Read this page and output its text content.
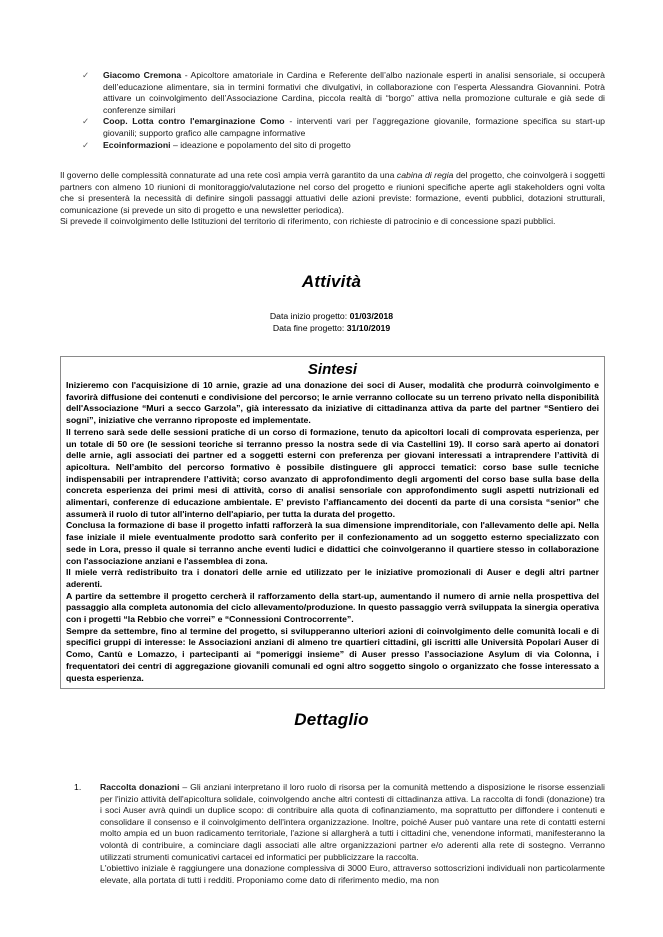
✓ Giacomo Cremona - Apicoltore amatoriale in Cardina e Referente dell’albo nazionale esperti in analisi sensoriale, si occuperà dell’educazione alimentare, sia in termini formativi che divulgativi, in collaborazione con l’esperta Alessandra Giovannini. Potrà attivare un coinvolgimento dell’Associazione Cardina, piccola realtà di “borgo” attiva nella promozione culturale e già sede di conferenze similari
✓ Coop. Lotta contro l'emarginazione Como - interventi vari per l’aggregazione giovanile, formazione specifica su start-up giovanili; supporto grafico alle campagne informative
✓ Ecoinformazioni – ideazione e popolamento del sito di progetto

Il governo delle complessità connaturate ad una rete così ampia verrà garantito da una cabina di regia del progetto, che coinvolgerà i soggetti partners con almeno 10 riunioni di monitoraggio/valutazione nel corso del progetto e riunioni specifiche aperte agli stakeholders ogni volta che si presenterà la necessità di definire singoli passaggi attuativi delle azioni previste: formazione, eventi pubblici, dotazioni strutturali, comunicazione (si prevede un sito di progetto e una newsletter periodica).

Si prevede il coinvolgimento delle Istituzioni del territorio di riferimento, con richieste di patrocinio e di concessione spazi pubblici.

Attività
Data inizio progetto: 01/03/2018
Data fine progetto: 31/10/2019
Sintesi

Inizieremo con l'acquisizione di 10 arnie, grazie ad una donazione dei soci di Auser, modalità che produrrà coinvolgimento e favorirà diffusione dei contenuti e condivisione del percorso; le arnie verranno collocate su un terreno privato nella disponibilità dell'Associazione “Muri a secco Garzola”, già interessato da iniziative di cittadinanza attiva da parte del partner “Sentiero dei sogni”, iniziative che verranno riproposte ed implementate.

Il terreno sarà sede delle sessioni pratiche di un corso di formazione, tenuto da apicoltori locali di comprovata esperienza, per un totale di 50 ore (le sessioni teoriche si terranno presso la nostra sede di via Castellini 19). Il corso sarà aperto ai donatori delle arnie, agli associati dei partner ed a soggetti esterni con preferenza per giovani interessati a intraprendere l’attività di apicoltura. Nell’ambito del percorso formativo è possibile distinguere gli approcci tematici: corso base sulle tecniche indispensabili per intraprendere l’attività; corso avanzato di approfondimento degli argomenti del corso base sulla base della concreta esperienza dei primi mesi di attività, corso di analisi sensoriale con approfondimento sugli aspetti nutrizionali ed alimentari, conferenze di educazione ambientale. E’ previsto l’affiancamento dei docenti da parte di una corsista “senior” che assumerà il ruolo di tutor all'interno dell'apiario, per tutta la durata del progetto.

Conclusa la formazione di base il progetto infatti rafforzerà la sua dimensione imprenditoriale, con l'allevamento delle api. Nella fase iniziale il miele eventualmente prodotto sarà conferito per il confezionamento ad un soggetto esterno specializzato con sede in Lora, presso il quale si terranno anche eventi ludici e didattici che coinvolgeranno il quartiere stesso in collaborazione con l'associazione anziani e l'assemblea di zona.

Il miele verrà redistribuito tra i donatori delle arnie ed utilizzato per le iniziative promozionali di Auser e degli altri partner aderenti.

A partire da settembre il progetto cercherà il rafforzamento della start-up, aumentando il numero di arnie nella prospettiva del passaggio alla completa autonomia del ciclo allevamento/produzione. In questo passaggio verrà sviluppata la sinergia operativa con i progetti “la Rebbio che vorrei” e “Connessioni Controcorrente”.

Sempre da settembre, fino al termine del progetto, si svilupperanno ulteriori azioni di coinvolgimento delle comunità locali e di specifici gruppi di interesse: le Associazioni anziani di almeno tre quartieri cittadini, gli iscritti alle Università Popolari Auser di Como, Cantù e Lomazzo, i partecipanti ai “pomeriggi insieme” di Auser presso l’associazione Asylum di via Colonna, i frequentatori dei centri di aggregazione giovanili comunali ed ogni altro soggetto singolo o organizzato che fosse interessato a questa esperienza.

Dettaglio
1. Raccolta donazioni – Gli anziani interpretano il loro ruolo di risorsa per la comunità mettendo a disposizione le risorse essenziali per l'inizio attività dell'apicoltura solidale, coinvolgendo anche altri contesti di cittadinanza attiva. La raccolta di fondi (donazione) tra i soci Auser avrà quindi un duplice scopo: di contribuire alla quota di cofinanziamento, ma soprattutto per diffondere i contenuti e consolidare il consenso e il coinvolgimento dell'intera organizzazione. Inoltre, poiché Auser può vantare una rete di contatti esterni molto ampia ed un buon radicamento territoriale, l'azione si allargherà a tutti i cittadini che, venendone informati, manifesteranno la volontà di contribuire, a cominciare dagli associati alle altre organizzazioni partner e/o aderenti alla rete di sostegno. Verranno utilizzati strumenti comunicativi cartacei ed informatici per pubblicizzare la raccolta.

L'obiettivo iniziale è raggiungere una donazione complessiva di 3000 Euro, attraverso sottoscrizioni individuali non particolarmente elevate, alla portata di tutti i redditi. Proponiamo come dato di riferimento medio, ma non
